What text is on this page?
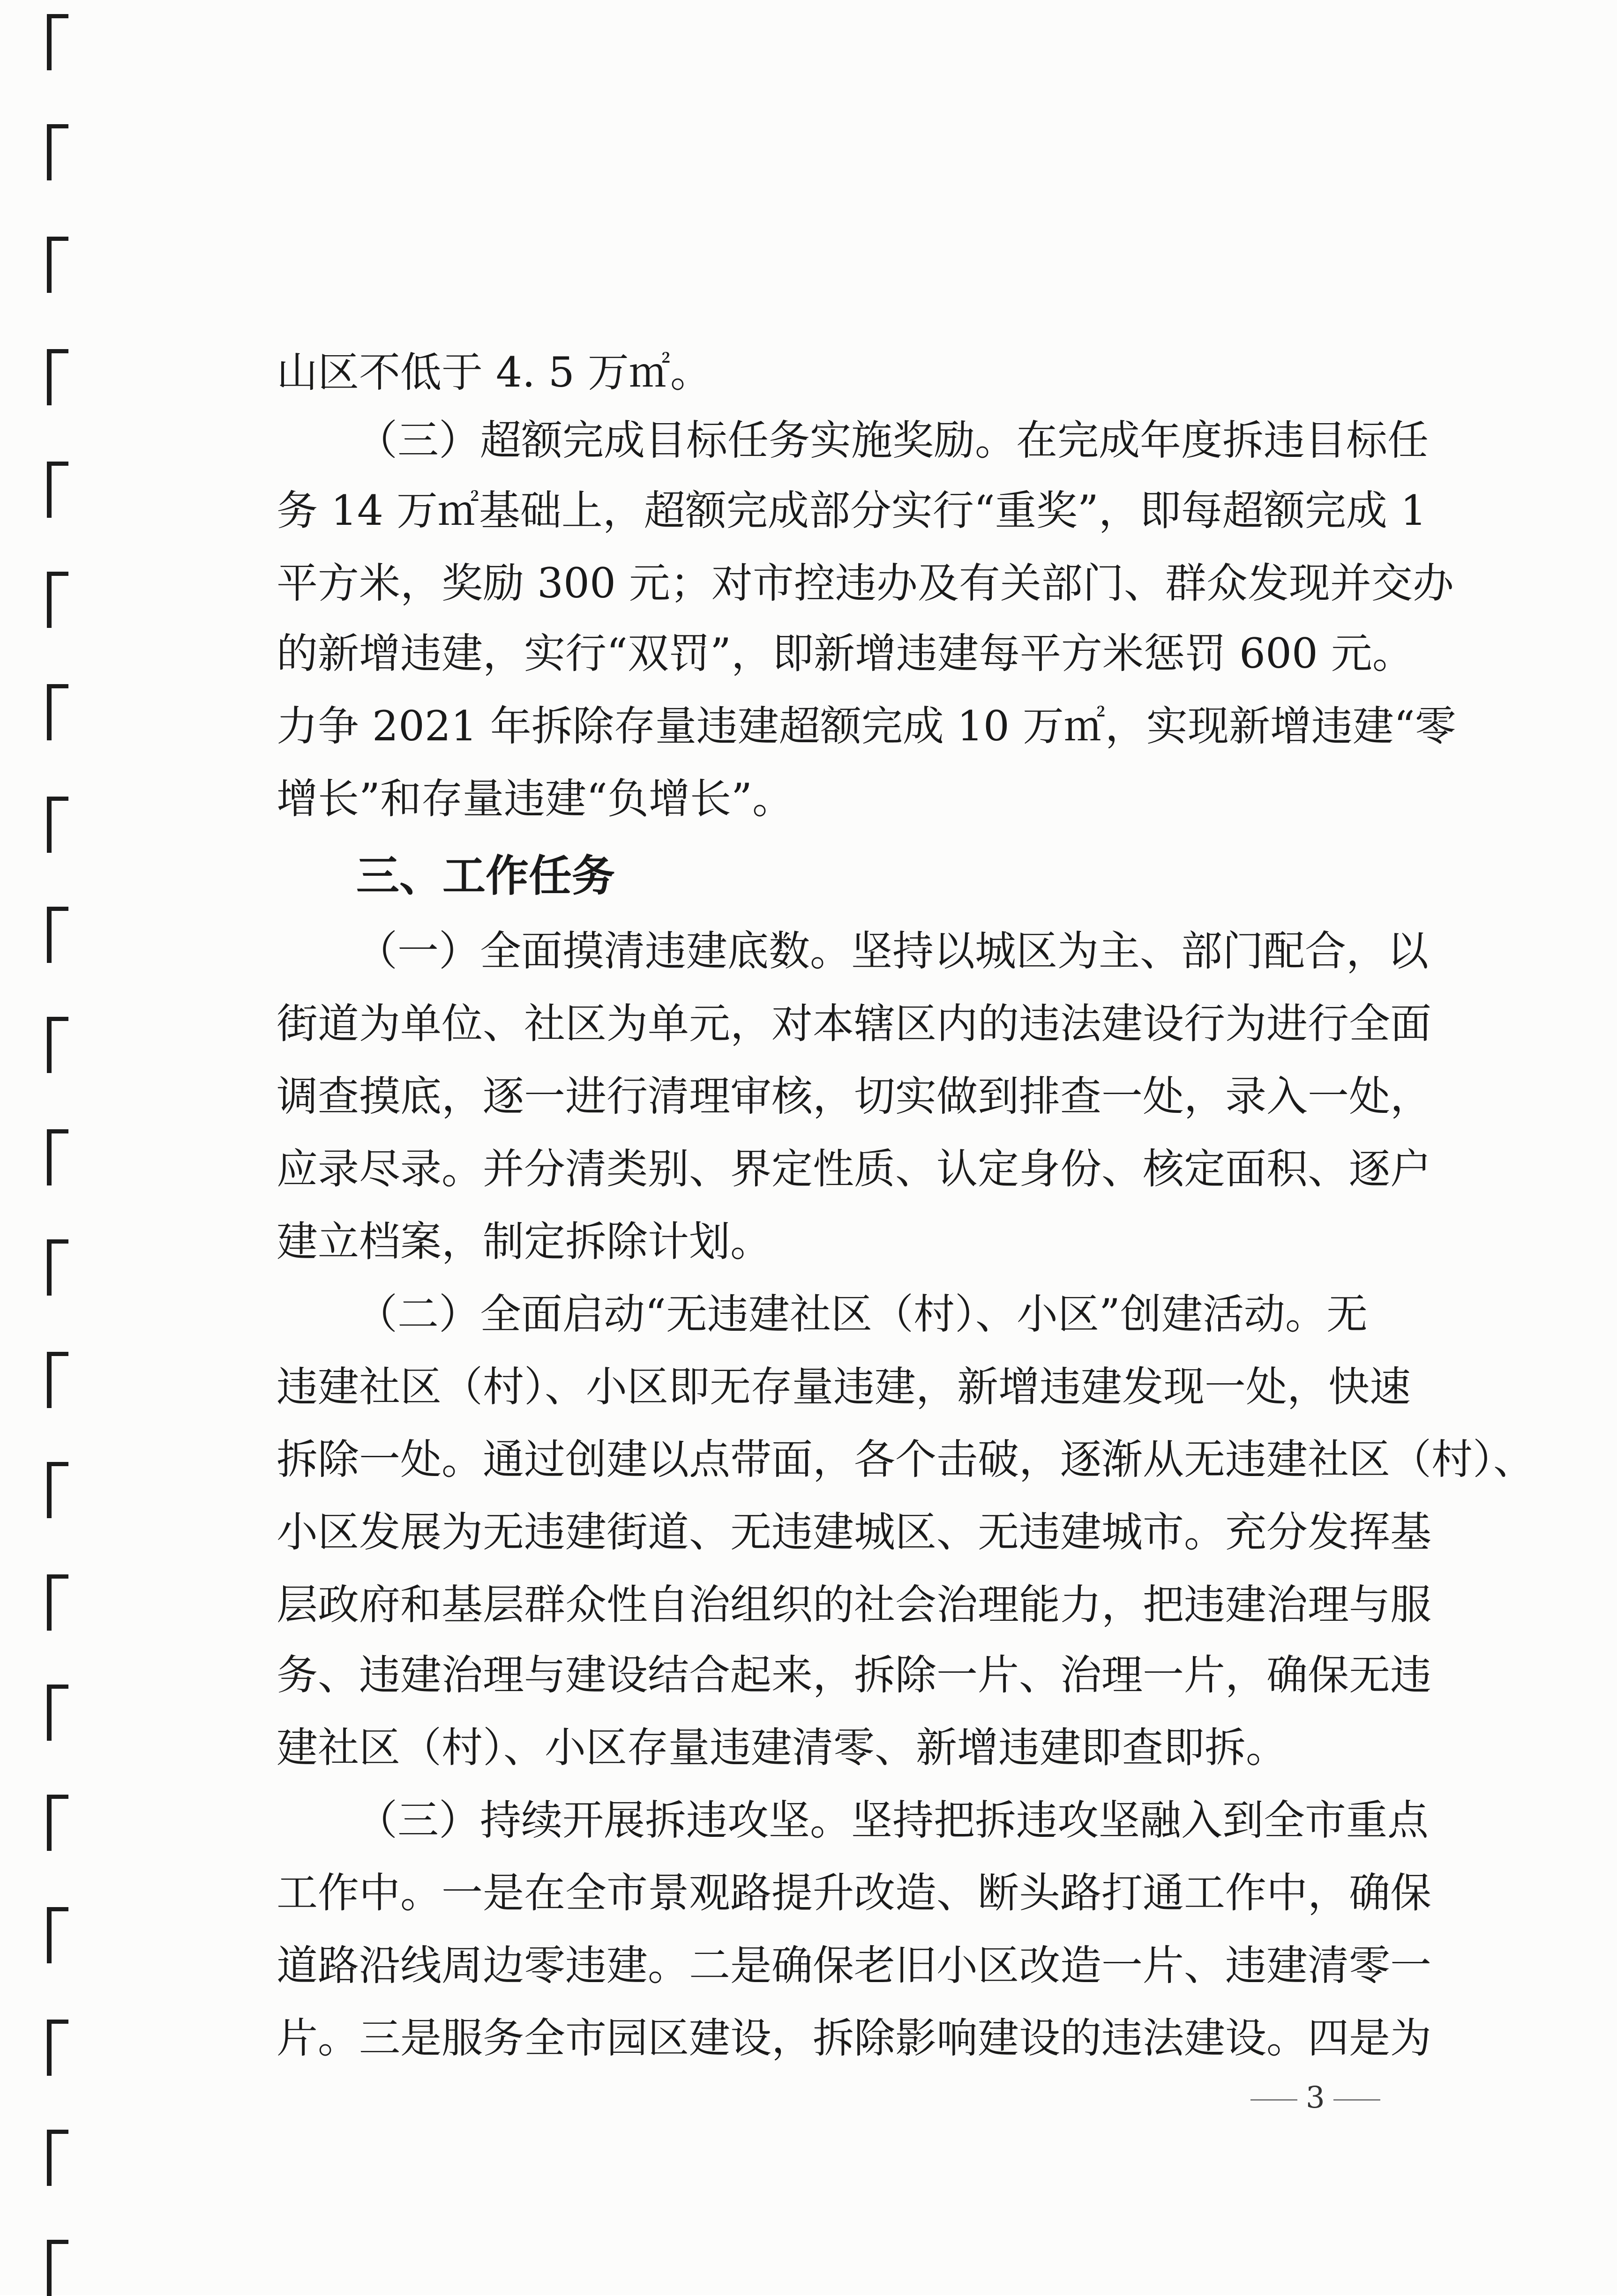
山区不低于 4. 5 万㎡。
（三）超额完成目标任务实施奖励。在完成年度拆违目标任
务 14 万㎡基础上，超额完成部分实行“重奖”，即每超额完成 1
平方米，奖励 300 元；对市控违办及有关部门、群众发现并交办
的新增违建，实行“双罚”，即新增违建每平方米惩罚 600 元。
力争 2021 年拆除存量违建超额完成 10 万㎡，实现新增违建“零
增长”和存量违建“负增长”。
三、工作任务
（一）全面摸清违建底数。坚持以城区为主、部门配合，以
街道为单位、社区为单元，对本辖区内的违法建设行为进行全面
调查摸底，逐一进行清理审核，切实做到排查一处，录入一处，
应录尽录。并分清类别、界定性质、认定身份、核定面积、逐户
建立档案，制定拆除计划。
（二）全面启动“无违建社区（村）、小区”创建活动。无
违建社区（村）、小区即无存量违建，新增违建发现一处，快速
拆除一处。通过创建以点带面，各个击破，逐渐从无违建社区（村）、
小区发展为无违建街道、无违建城区、无违建城市。充分发挥基
层政府和基层群众性自治组织的社会治理能力，把违建治理与服
务、违建治理与建设结合起来，拆除一片、治理一片，确保无违
建社区（村）、小区存量违建清零、新增违建即查即拆。
（三）持续开展拆违攻坚。坚持把拆违攻坚融入到全市重点
工作中。一是在全市景观路提升改造、断头路打通工作中，确保
道路沿线周边零违建。二是确保老旧小区改造一片、违建清零一
片。三是服务全市园区建设，拆除影响建设的违法建设。四是为
3
